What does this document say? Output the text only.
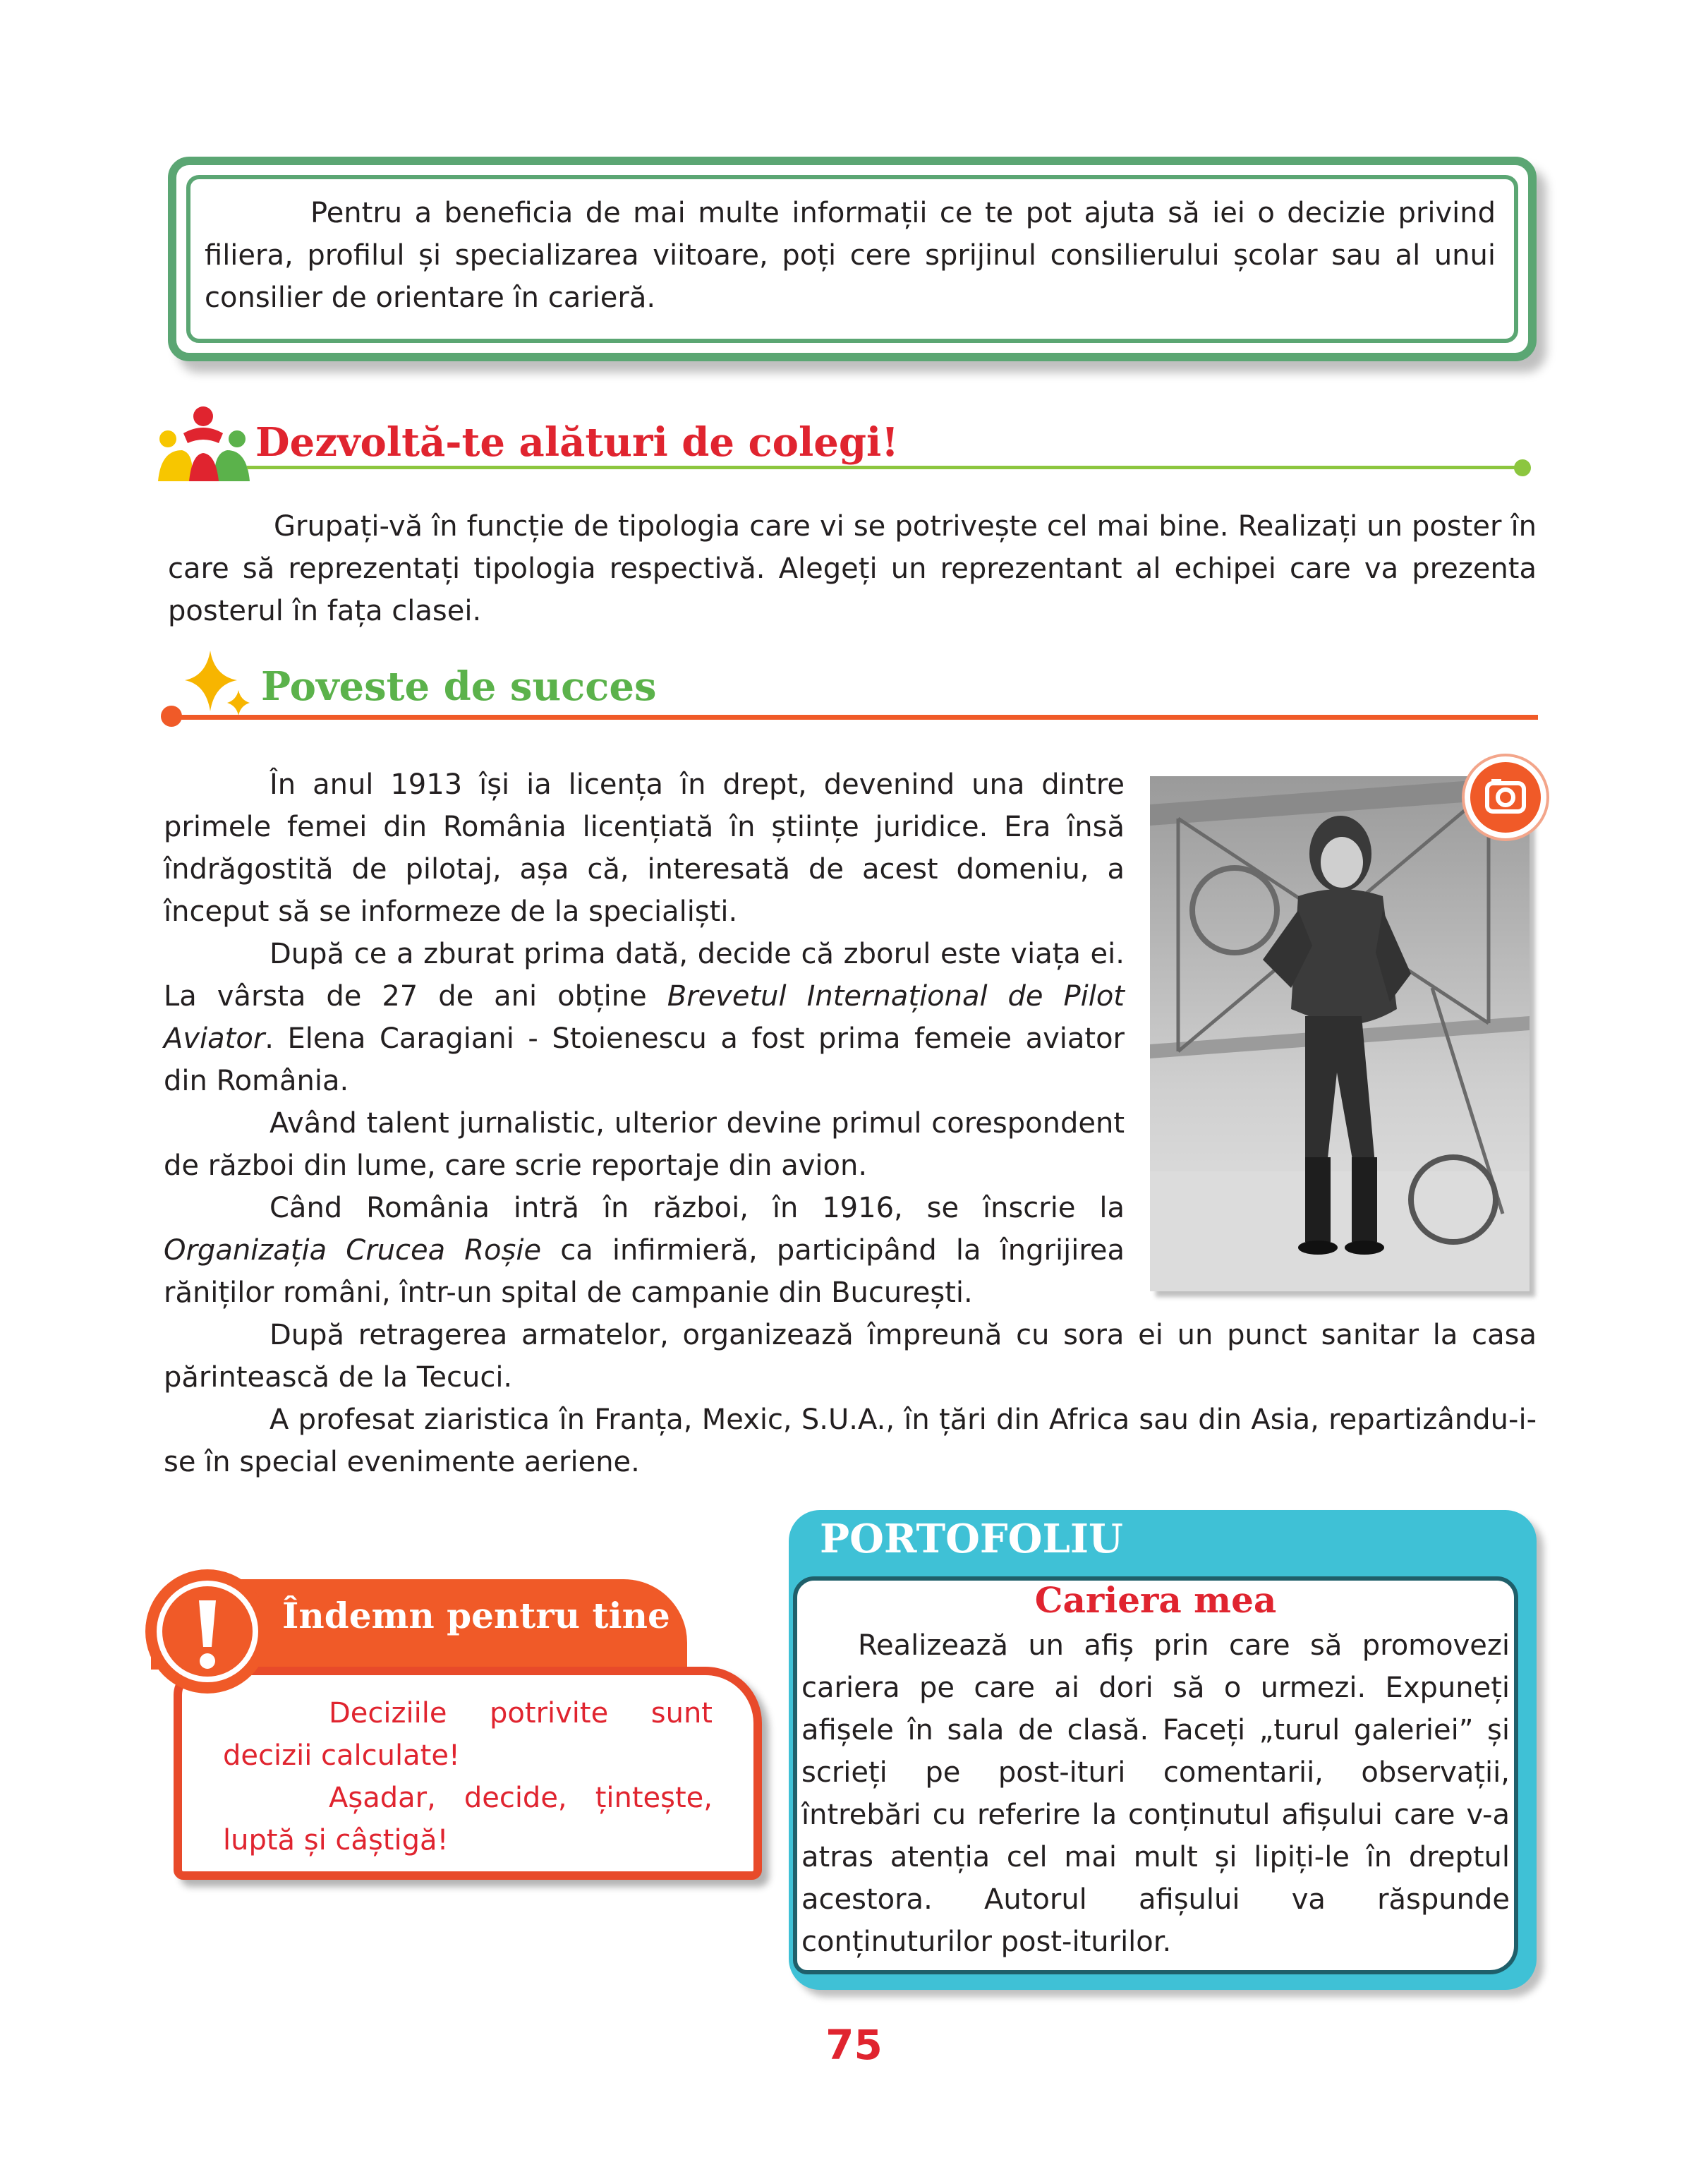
Pentru a beneficia de mai multe informații ce te pot ajuta să iei o decizie privind filiera, profilul și specializarea viitoare, poți cere sprijinul consilierului școlar sau al unui consilier de orientare în carieră.

Dezvoltă-te alături de colegi!

Grupați-vă în funcție de tipologia care vi se potrivește cel mai bine. Realizați un poster în care să reprezentați tipologia respectivă. Alegeți un reprezentant al echipei care va prezenta posterul în fața clasei.

Poveste de succes

În anul 1913 își ia licența în drept, devenind una dintre primele femei din România licențiată în științe juridice. Era însă îndrăgostită de pilotaj, așa că, interesată de acest domeniu, a început să se informeze de la specialiști.

După ce a zburat prima dată, decide că zborul este viața ei. La vârsta de 27 de ani obține Brevetul Internațional de Pilot Aviator. Elena Caragiani - Stoienescu a fost prima femeie aviator din România.

Având talent jurnalistic, ulterior devine primul corespondent de război din lume, care scrie reportaje din avion.

Când România intră în război, în 1916, se înscrie la Organizația Crucea Roșie ca infirmieră, participând la îngrijirea răniților români, într-un spital de campanie din București.

După retragerea armatelor, organizează împreună cu sora ei un punct sanitar la casa părintească de la Tecuci.

A profesat ziaristica în Franța, Mexic, S.U.A., în țări din Africa sau din Asia, repartizându-i-se în special evenimente aeriene.

Îndemn pentru tine

Deciziile potrivite sunt decizii calculate!

Așadar, decide, țintește, luptă și câștigă!

PORTOFOLIU
Cariera mea

Realizează un afiș prin care să promovezi cariera pe care ai dori să o urmezi. Expuneți afișele în sala de clasă. Faceți „turul galeriei” și scrieți pe post-ituri comentarii, observații, întrebări cu referire la conținutul afișului care v-a atras atenția cel mai mult și lipiți-le în dreptul acestora. Autorul afișului va răspunde conținuturilor post-iturilor.

75
